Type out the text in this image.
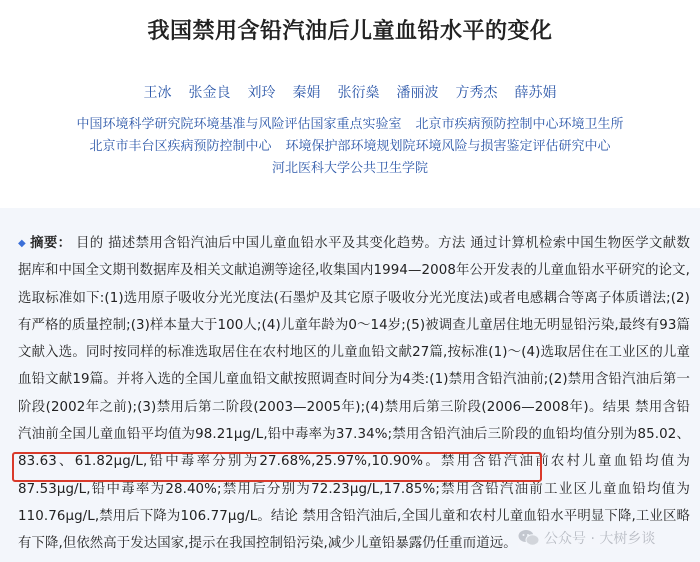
我国禁用含铅汽油后儿童血铅水平的变化
王冰 张金良 刘玲 秦娟 张衍燊 潘丽波 方秀杰 薛苏娟
中国环境科学研究院环境基准与风险评估国家重点实验室 北京市疾病预防控制中心环境卫生所
北京市丰台区疾病预防控制中心 环境保护部环境规划院环境风险与损害鉴定评估研究中心
河北医科大学公共卫生学院
◆ 摘要： 目的 描述禁用含铅汽油后中国儿童血铅水平及其变化趋势。方法 通过计算机检索中国生物医学文献数据库和中国全文期刊数据库及相关文献追溯等途径,收集国内1994—2008年公开发表的儿童血铅水平研究的论文,选取标准如下:(1)选用原子吸收分光光度法(石墨炉及其它原子吸收分光光度法)或者电感耦合等离子体质谱法;(2)有严格的质量控制;(3)样本量大于100人;(4)儿童年龄为0～14岁;(5)被调查儿童居住地无明显铅污染,最终有93篇文献入选。同时按同样的标准选取居住在农村地区的儿童血铅文献27篇,按标准(1)～(4)选取居住在工业区的儿童血铅文献19篇。并将入选的全国儿童血铅文献按照调查时间分为4类:(1)禁用含铅汽油前;(2)禁用含铅汽油后第一阶段(2002年之前);(3)禁用后第二阶段(2003—2005年);(4)禁用后第三阶段(2006—2008年)。结果 禁用含铅汽油前全国儿童血铅平均值为98.21μg/L,铅中毒率为37.34%;禁用含铅汽油后三阶段的血铅均值分别为85.02、83.63、61.82μg/L,铅中毒率分别为27.68%,25.97%,10.90%。禁用含铅汽油前农村儿童血铅均值为87.53μg/L,铅中毒率为28.40%;禁用后分别为72.23μg/L,17.85%;禁用含铅汽油前工业区儿童血铅均值为110.76μg/L,禁用后下降为106.77μg/L。结论 禁用含铅汽油后,全国儿童和农村儿童血铅水平明显下降,工业区略有下降,但依然高于发达国家,提示在我国控制铅污染,减少儿童铅暴露仍任重而道远。	公众号 · 大树乡谈
